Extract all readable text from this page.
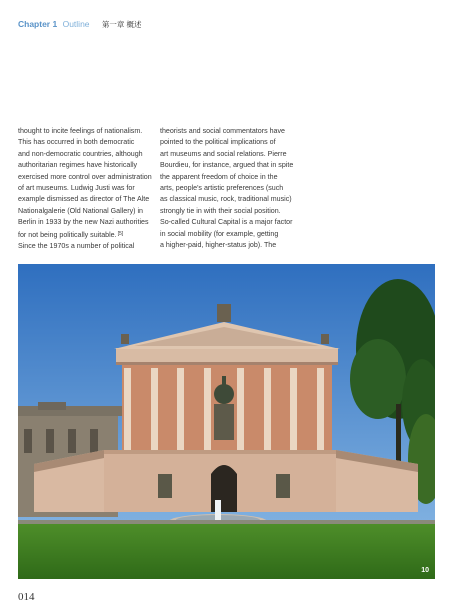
Chapter 1 Outline 第一章 概述
thought to incite feelings of nationalism.
This has occurred in both democratic
and non-democratic countries, although
authoritarian regimes have historically
exercised more control over administration
of art museums. Ludwig Justi was for
example dismissed as director of The Alte
Nationalgalerie (Old National Gallery) in
Berlin in 1933 by the new Nazi authorities
for not being politically suitable.[5]
Since the 1970s a number of political
theorists and social commentators have
pointed to the political implications of
art museums and social relations. Pierre
Bourdieu, for instance, argued that in spite
the apparent freedom of choice in the
arts, people's artistic preferences (such
as classical music, rock, traditional music)
strongly tie in with their social position.
So-called Cultural Capital is a major factor
in social mobility (for example, getting
a higher-paid, higher-status job). The
10
014
